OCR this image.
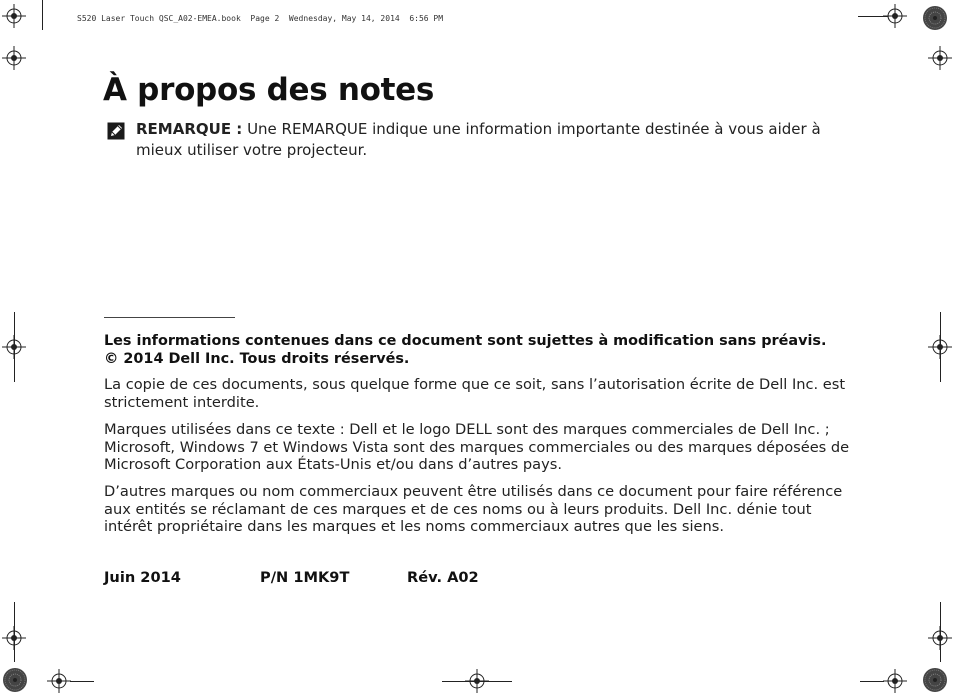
S520 Laser Touch QSC_A02-EMEA.book  Page 2  Wednesday, May 14, 2014  6:56 PM
À propos des notes
REMARQUE : Une REMARQUE indique une information importante destinée à vous aider à mieux utiliser votre projecteur.
Les informations contenues dans ce document sont sujettes à modification sans préavis.
© 2014 Dell Inc. Tous droits réservés.
La copie de ces documents, sous quelque forme que ce soit, sans l’autorisation écrite de Dell Inc. est strictement interdite.
Marques utilisées dans ce texte : Dell et le logo DELL sont des marques commerciales de Dell Inc. ; Microsoft, Windows 7 et Windows Vista sont des marques commerciales ou des marques déposées de Microsoft Corporation aux États-Unis et/ou dans d’autres pays.
D’autres marques ou nom commerciaux peuvent être utilisés dans ce document pour faire référence aux entités se réclamant de ces marques et de ces noms ou à leurs produits. Dell Inc. dénie tout intérêt propriétaire dans les marques et les noms commerciaux autres que les siens.
Juin 2014	P/N 1MK9T	Rév. A02
